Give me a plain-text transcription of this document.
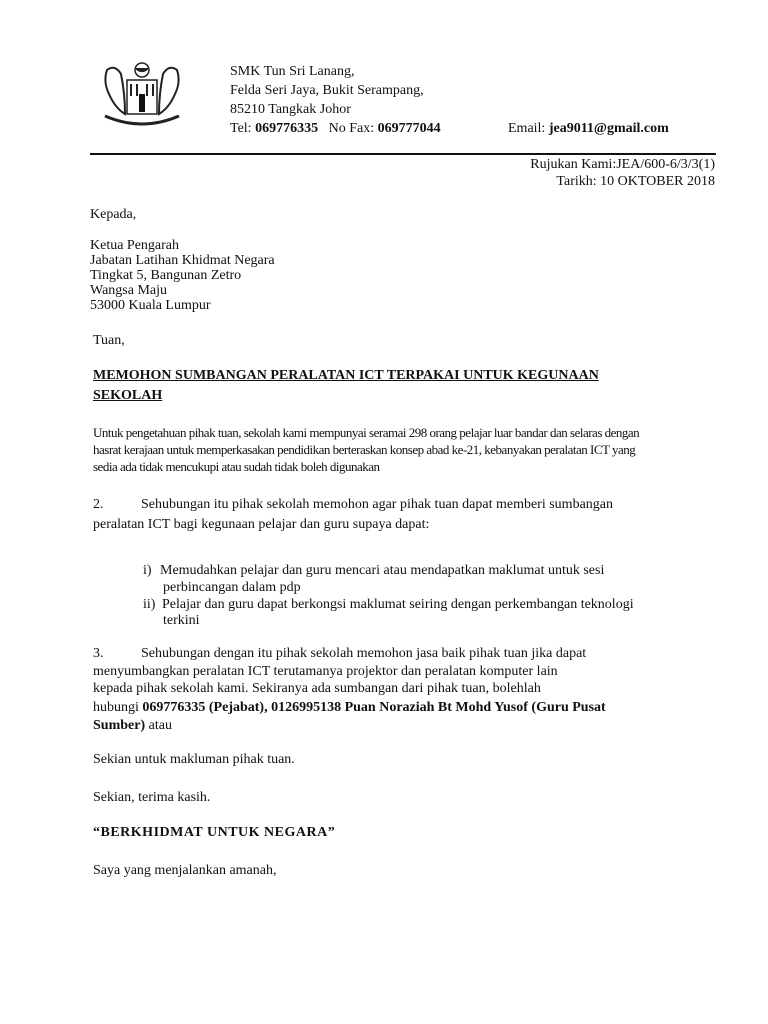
SMK Tun Sri Lanang,
Felda Seri Jaya, Bukit Serampang,
85210 Tangkak Johor
Tel: 069776335 No Fax: 069777044	Email: jea9011@gmail.com
Rujukan Kami:JEA/600-6/3/3(1)
Tarikh: 10 OKTOBER 2018
Kepada,
Ketua Pengarah
Jabatan Latihan Khidmat Negara
Tingkat 5, Bangunan Zetro
Wangsa Maju
53000 Kuala Lumpur
Tuan,
MEMOHON SUMBANGAN PERALATAN ICT TERPAKAI UNTUK KEGUNAAN
SEKOLAH
Untuk pengetahuan pihak tuan, sekolah kami mempunyai seramai 298 orang pelajar luar bandar dan selaras dengan
hasrat kerajaan untuk memperkasakan pendidikan berteraskan konsep abad ke-21, kebanyakan peralatan ICT yang
sedia ada tidak mencukupi atau sudah tidak boleh digunakan
2.	Sehubungan itu pihak sekolah memohon agar pihak tuan dapat memberi sumbangan
peralatan ICT bagi kegunaan pelajar dan guru supaya dapat:
i) Memudahkan pelajar dan guru mencari atau mendapatkan maklumat untuk sesi
perbincangan dalam pdp
ii) Pelajar dan guru dapat berkongsi maklumat seiring dengan perkembangan teknologi
terkini
3.	Sehubungan dengan itu pihak sekolah memohon jasa baik pihak tuan jika dapat
menyumbangkan peralatan ICT terutamanya projektor dan peralatan komputer lain
kepada pihak sekolah kami. Sekiranya ada sumbangan dari pihak tuan, bolehlah
hubungi 069776335 (Pejabat), 0126995138 Puan Noraziah Bt Mohd Yusof (Guru Pusat
Sumber) atau
Sekian untuk makluman pihak tuan.
Sekian, terima kasih.
“BERKHIDMAT UNTUK NEGARA”
Saya yang menjalankan amanah,
